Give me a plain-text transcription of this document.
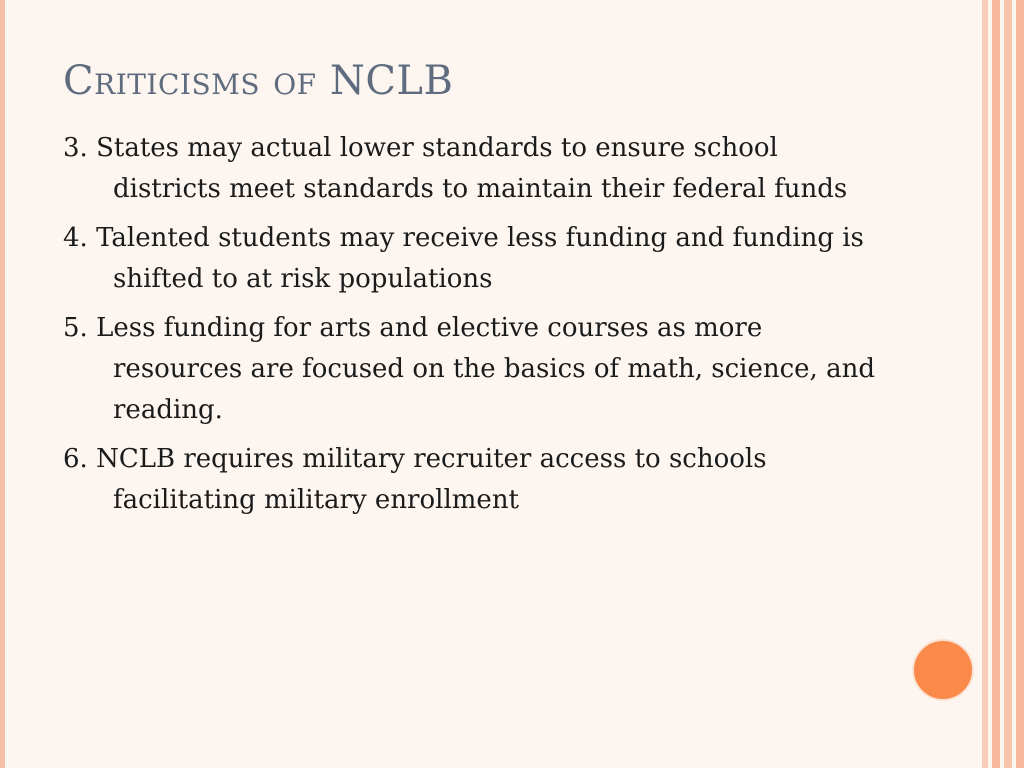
Criticisms of NCLB
3. States may actual lower standards to ensure school districts meet standards to maintain their federal funds
4. Talented students may receive less funding and funding is shifted to at risk populations
5. Less funding for arts and elective courses as more resources are focused on the basics of math, science, and reading.
6. NCLB requires military recruiter access to schools facilitating military enrollment
